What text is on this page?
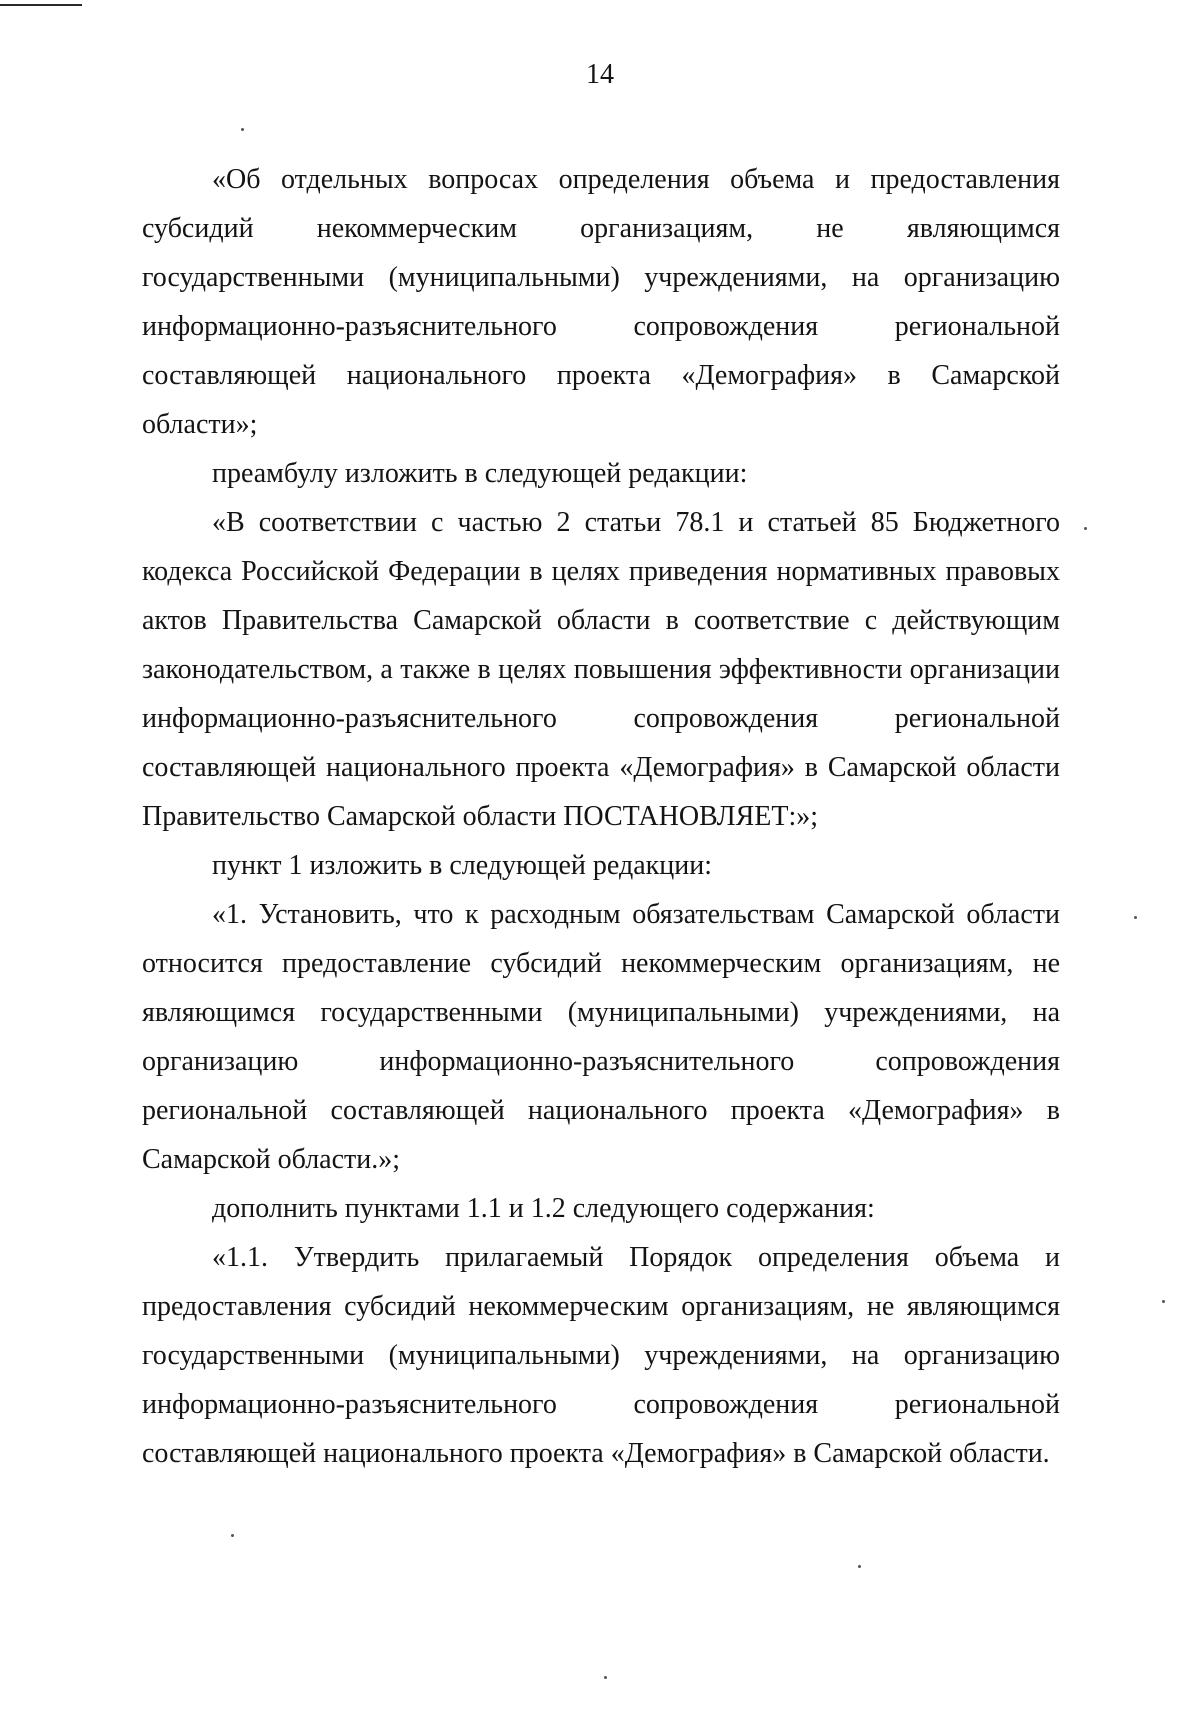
14

«Об отдельных вопросах определения объема и предоставления субсидий некоммерческим организациям, не являющимся государственными (муниципальными) учреждениями, на организацию информационно-разъяснительного сопровождения региональной составляющей национального проекта «Демография» в Самарской области»;

преамбулу изложить в следующей редакции:

«В соответствии с частью 2 статьи 78.1 и статьей 85 Бюджетного кодекса Российской Федерации в целях приведения нормативных правовых актов Правительства Самарской области в соответствие с действующим законодательством, а также в целях повышения эффективности организации информационно-разъяснительного сопровождения региональной составляющей национального проекта «Демография» в Самарской области Правительство Самарской области ПОСТАНОВЛЯЕТ:»;

пункт 1 изложить в следующей редакции:

«1. Установить, что к расходным обязательствам Самарской области относится предоставление субсидий некоммерческим организациям, не являющимся государственными (муниципальными) учреждениями, на организацию информационно-разъяснительного сопровождения региональной составляющей национального проекта «Демография» в Самарской области.»;

дополнить пунктами 1.1 и 1.2 следующего содержания:

«1.1. Утвердить прилагаемый Порядок определения объема и предоставления субсидий некоммерческим организациям, не являющимся государственными (муниципальными) учреждениями, на организацию информационно-разъяснительного сопровождения региональной составляющей национального проекта «Демография» в Самарской области.
